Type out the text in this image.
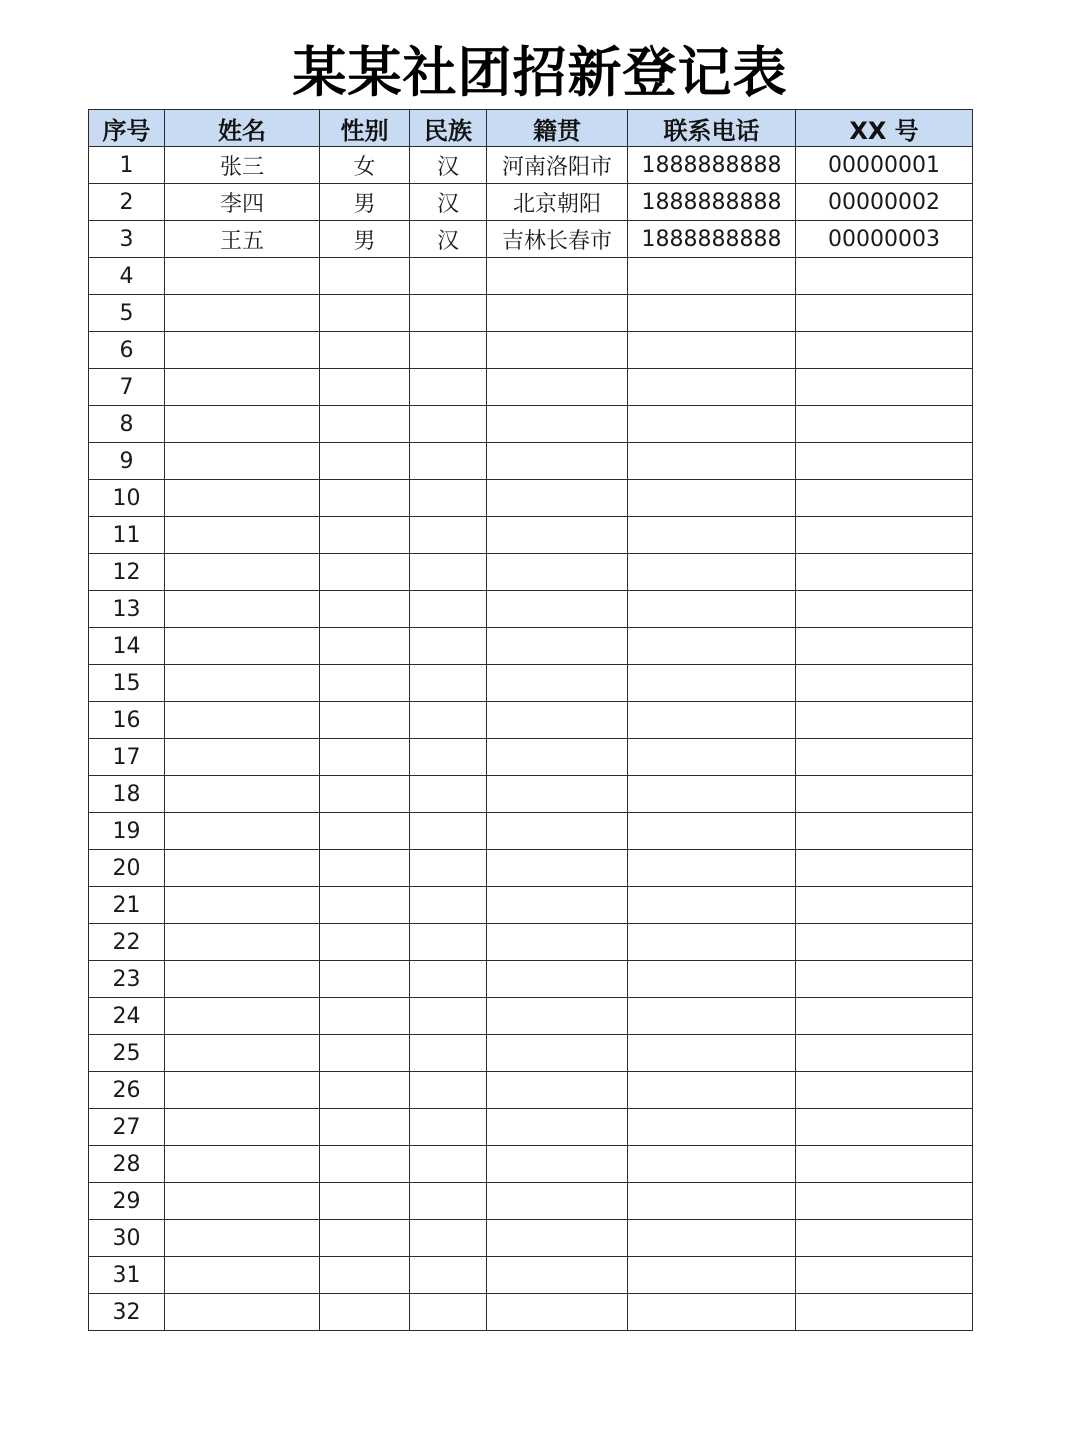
某某社团招新登记表
序号	姓名	性别	民族	籍贯	联系电话	XX 号
1	张三	女	汉	河南洛阳市	1888888888	00000001
2	李四	男	汉	北京朝阳	1888888888	00000002
3	王五	男	汉	吉林长春市	1888888888	00000003
4						
5						
6						
7						
8						
9						
10						
11						
12						
13						
14						
15						
16						
17						
18						
19						
20						
21						
22						
23						
24						
25						
26						
27						
28						
29						
30						
31						
32						
